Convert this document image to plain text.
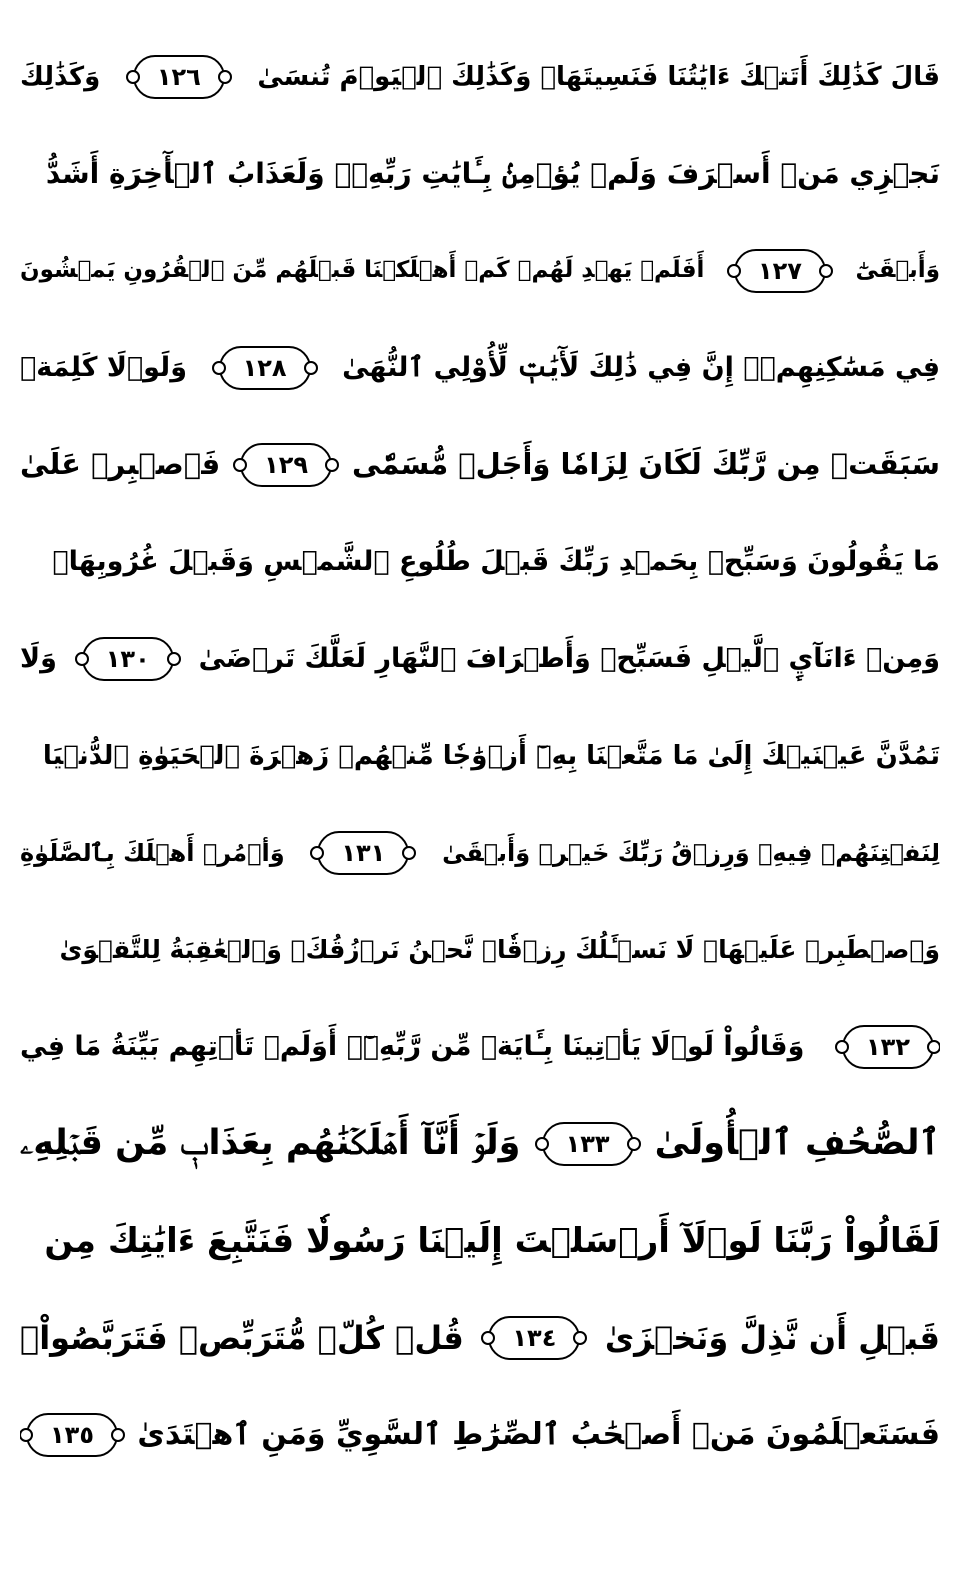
قَالَ كَذَٰلِكَ أَتَتۡكَ ءَايَٰتُنَا فَنَسِيتَهَاۖ وَكَذَٰلِكَ ٱلۡيَوۡمَ تُنسَىٰ
١٢٦
وَكَذَٰلِكَ
نَجۡزِي مَنۡ أَسۡرَفَ وَلَمۡ يُؤۡمِنۢ بِـَٔايَٰتِ رَبِّهِۦۚ وَلَعَذَابُ ٱلۡأٓخِرَةِ أَشَدُّ
وَأَبۡقَىٰٓ
١٢٧
أَفَلَمۡ يَهۡدِ لَهُمۡ كَمۡ أَهۡلَكۡنَا قَبۡلَهُم مِّنَ ٱلۡقُرُونِ يَمۡشُونَ
فِي مَسَٰكِنِهِمۡۚ إِنَّ فِي ذَٰلِكَ لَأٓيَٰتٖ لِّأُوْلِي ٱلنُّهَىٰ
١٢٨
وَلَوۡلَا كَلِمَةٞ
سَبَقَتۡ مِن رَّبِّكَ لَكَانَ لِزَامٗا وَأَجَلٞ مُّسَمّٗى
١٢٩
فَٱصۡبِرۡ عَلَىٰ
مَا يَقُولُونَ وَسَبِّحۡ بِحَمۡدِ رَبِّكَ قَبۡلَ طُلُوعِ ٱلشَّمۡسِ وَقَبۡلَ غُرُوبِهَاۖ
وَمِنۡ ءَانَآيِٕ ٱلَّيۡلِ فَسَبِّحۡ وَأَطۡرَافَ ٱلنَّهَارِ لَعَلَّكَ تَرۡضَىٰ
١٣٠
وَلَا
تَمُدَّنَّ عَيۡنَيۡكَ إِلَىٰ مَا مَتَّعۡنَا بِهِۦٓ أَزۡوَٰجٗا مِّنۡهُمۡ زَهۡرَةَ ٱلۡحَيَوٰةِ ٱلدُّنۡيَا
لِنَفۡتِنَهُمۡ فِيهِۚ وَرِزۡقُ رَبِّكَ خَيۡرٞ وَأَبۡقَىٰ
١٣١
وَأۡمُرۡ أَهۡلَكَ بِٱلصَّلَوٰةِ
وَٱصۡطَبِرۡ عَلَيۡهَاۖ لَا نَسۡـَٔلُكَ رِزۡقٗاۖ نَّحۡنُ نَرۡزُقُكَۗ وَٱلۡعَٰقِبَةُ لِلتَّقۡوَىٰ
١٣٢
وَقَالُواْ لَوۡلَا يَأۡتِينَا بِـَٔايَةٖ مِّن رَّبِّهِۦٓۚ أَوَلَمۡ تَأۡتِهِم بَيِّنَةُ مَا فِي
ٱلصُّحُفِ ٱلۡأُولَىٰ
١٣٣
وَلَوۡ أَنَّآ أَهۡلَكۡنَٰهُم بِعَذَابٖ مِّن قَبۡلِهِۦ
لَقَالُواْ رَبَّنَا لَوۡلَآ أَرۡسَلۡتَ إِلَيۡنَا رَسُولٗا فَنَتَّبِعَ ءَايَٰتِكَ مِن
قَبۡلِ أَن نَّذِلَّ وَنَخۡزَىٰ
١٣٤
قُلۡ كُلّٞ مُّتَرَبِّصٞ فَتَرَبَّصُواْۖ
فَسَتَعۡلَمُونَ مَنۡ أَصۡحَٰبُ ٱلصِّرَٰطِ ٱلسَّوِيِّ وَمَنِ ٱهۡتَدَىٰ
١٣٥
